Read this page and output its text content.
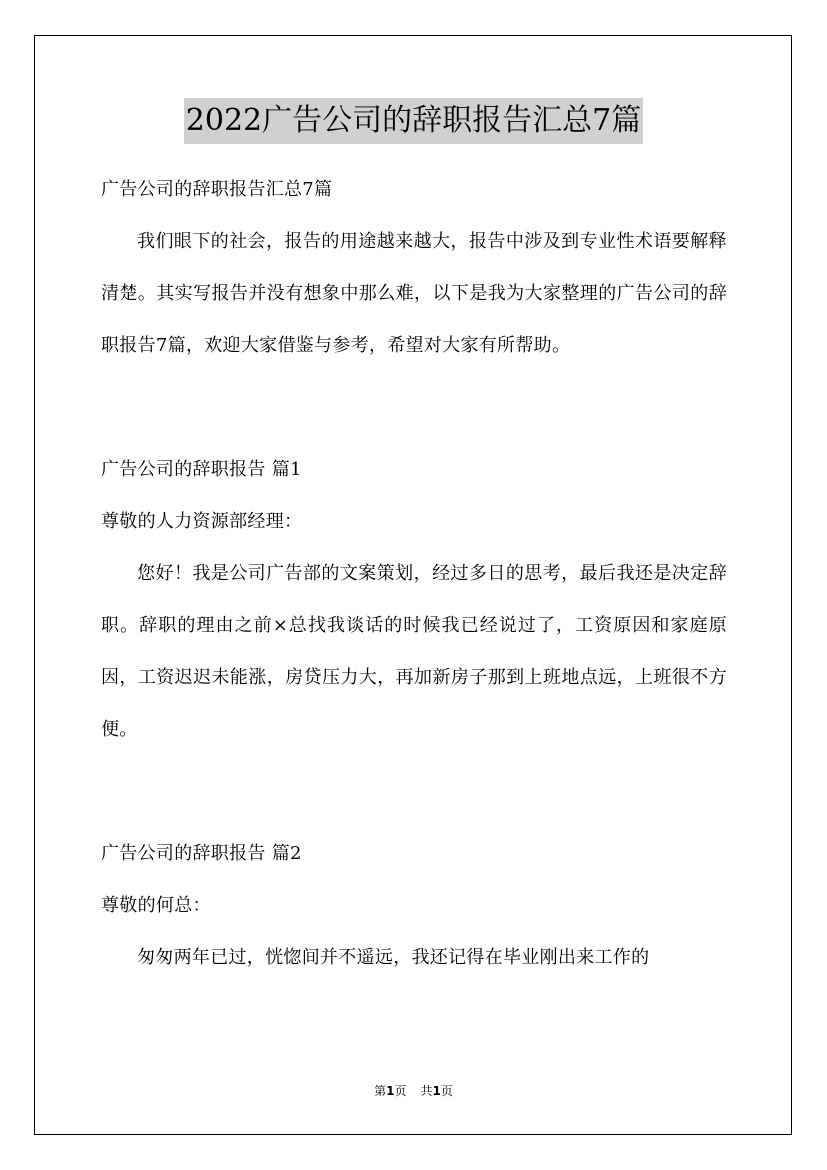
2022广告公司的辞职报告汇总7篇

广告公司的辞职报告汇总7篇

我们眼下的社会，报告的用途越来越大，报告中涉及到专业性术语要解释清楚。其实写报告并没有想象中那么难，以下是我为大家整理的广告公司的辞职报告7篇，欢迎大家借鉴与参考，希望对大家有所帮助。

广告公司的辞职报告 篇1

尊敬的人力资源部经理：

您好！我是公司广告部的文案策划，经过多日的思考，最后我还是决定辞职。辞职的理由之前×总找我谈话的时候我已经说过了，工资原因和家庭原因，工资迟迟未能涨，房贷压力大，再加新房子那到上班地点远，上班很不方便。

广告公司的辞职报告 篇2

尊敬的何总：

匆匆两年已过，恍惚间并不遥远，我还记得在毕业刚出来工作的

第1页 共1页
